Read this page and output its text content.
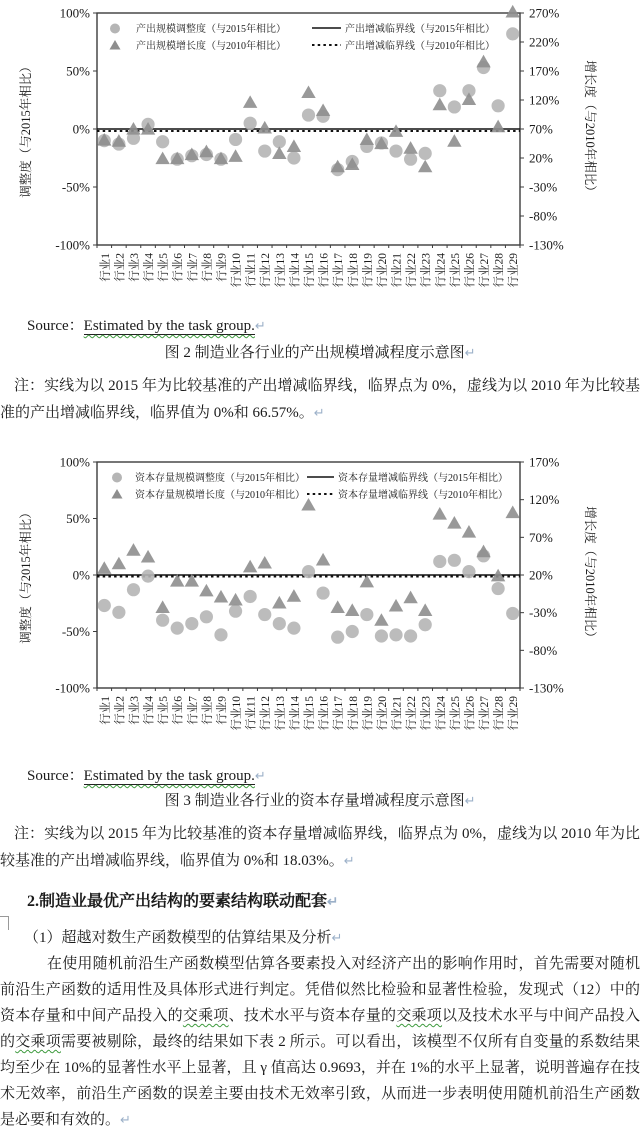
100%
50%
0%
-50%
-100%
270%
220%
170%
120%
70%
20%
-30%
-80%
-130%
行业1 行业2 行业3 行业4 行业5 行业6 行业7 行业8 行业9 行业10 行业11 行业12 行业13 行业14 行业15 行业16 行业17 行业18 行业19 行业20 行业21 行业22 行业23 行业24 行业25 行业26 行业27 行业28 行业29
调整度（与2015年相比）	增长度（与2010年相比）
产出规模调整度（与2015年相比）	产出增减临界线（与2015年相比）
产出规模增长度（与2010年相比）	产出增减临界线（与2010年相比）
Source：Estimated by the task group.↵
图 2 制造业各行业的产出规模增减程度示意图↵
注：实线为以 2015 年为比较基准的产出增减临界线，临界点为 0%，虚线为以 2010 年为比较基准的产出增减临界线，临界值为 0%和 66.57%。↵
100%
50%
0%
-50%
-100%
170%
120%
70%
20%
-30%
-80%
-130%
行业1 行业2 行业3 行业4 行业5 行业6 行业7 行业8 行业9 行业10 行业11 行业12 行业13 行业14 行业15 行业16 行业17 行业18 行业19 行业20 行业21 行业22 行业23 行业24 行业25 行业26 行业27 行业28 行业29
调整度（与2015年相比）	增长度（与2010年相比）
资本存量规模调整度（与2015年相比）	资本存量增减临界线（与2015年相比）
资本存量规模增长度（与2010年相比）	资本存量增减临界线（与2010年相比）
Source：Estimated by the task group.↵
图 3 制造业各行业的资本存量增减程度示意图↵
注：实线为以 2015 年为比较基准的资本存量增减临界线，临界点为 0%，虚线为以 2010 年为比较基准的产出增减临界线，临界值为 0%和 18.03%。↵
2.制造业最优产出结构的要素结构联动配套↵
（1）超越对数生产函数模型的估算结果及分析↵
在使用随机前沿生产函数模型估算各要素投入对经济产出的影响作用时，首先需要对随机前沿生产函数的适用性及具体形式进行判定。凭借似然比检验和显著性检验，发现式（12）中的资本存量和中间产品投入的交乘项、技术水平与资本存量的交乘项以及技术水平与中间产品投入的交乘项需要被剔除，最终的结果如下表 2 所示。可以看出，该模型不仅所有自变量的系数结果均至少在 10%的显著性水平上显著，且 γ 值高达 0.9693，并在 1%的水平上显著，说明普遍存在技术无效率，前沿生产函数的误差主要由技术无效率引致，从而进一步表明使用随机前沿生产函数是必要和有效的。↵
